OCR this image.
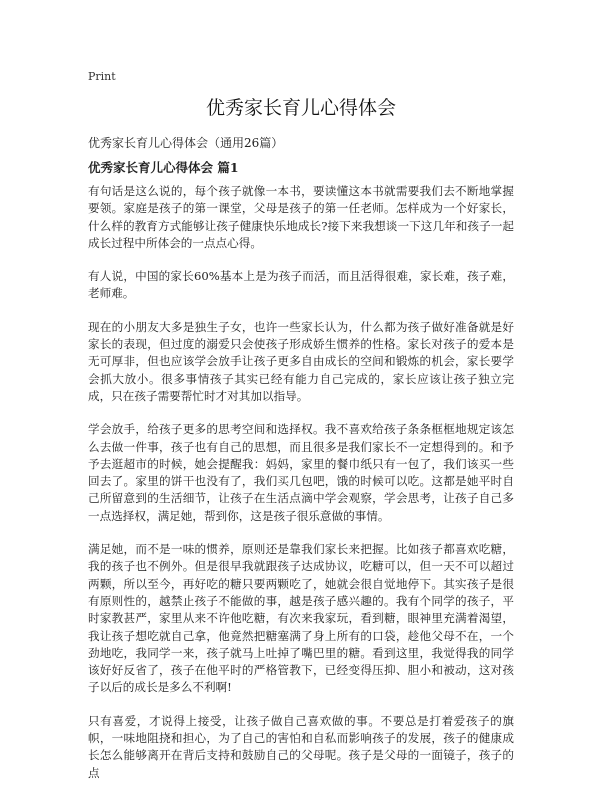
Print
优秀家长育儿心得体会

优秀家长育儿心得体会（通用26篇）

优秀家长育儿心得体会 篇1

有句话是这么说的，每个孩子就像一本书，要读懂这本书就需要我们去不断地掌握要领。家庭是孩子的第一课堂，父母是孩子的第一任老师。怎样成为一个好家长，什么样的教育方式能够让孩子健康快乐地成长?接下来我想谈一下这几年和孩子一起成长过程中所体会的一点点心得。

有人说，中国的家长60%基本上是为孩子而活，而且活得很难，家长难，孩子难，老师难。

现在的小朋友大多是独生子女，也许一些家长认为，什么都为孩子做好准备就是好家长的表现，但过度的溺爱只会使孩子形成娇生惯养的性格。家长对孩子的爱本是无可厚非，但也应该学会放手让孩子更多自由成长的空间和锻炼的机会，家长要学会抓大放小。很多事情孩子其实已经有能力自己完成的，家长应该让孩子独立完成，只在孩子需要帮忙时才对其加以指导。

学会放手，给孩子更多的思考空间和选择权。我不喜欢给孩子条条框框地规定该怎么去做一件事，孩子也有自己的思想，而且很多是我们家长不一定想得到的。和予予去逛超市的时候，她会提醒我：妈妈，家里的餐巾纸只有一包了，我们该买一些回去了。家里的饼干也没有了，我们买几包吧，饿的时候可以吃。这都是她平时自己所留意到的生活细节，让孩子在生活点滴中学会观察，学会思考，让孩子自己多一点选择权，满足她，帮到你，这是孩子很乐意做的事情。

满足她，而不是一味的惯养，原则还是靠我们家长来把握。比如孩子都喜欢吃糖，我的孩子也不例外。但是很早我就跟孩子达成协议，吃糖可以，但一天不可以超过两颗，所以至今，再好吃的糖只要两颗吃了，她就会很自觉地停下。其实孩子是很有原则性的，越禁止孩子不能做的事，越是孩子感兴趣的。我有个同学的孩子，平时家教甚严，家里从来不许他吃糖，有次来我家玩，看到糖，眼神里充满着渴望，我让孩子想吃就自己拿，他竟然把糖塞满了身上所有的口袋，趁他父母不在，一个劲地吃，我同学一来，孩子就马上吐掉了嘴巴里的糖。看到这里，我觉得我的同学该好好反省了，孩子在他平时的严格管教下，已经变得压抑、胆小和被动，这对孩子以后的成长是多么不利啊!

只有喜爱，才说得上接受，让孩子做自己喜欢做的事。不要总是打着爱孩子的旗帜，一味地阻挠和担心，为了自己的害怕和自私而影响孩子的发展，孩子的健康成长怎么能够离开在背后支持和鼓励自己的父母呢。孩子是父母的一面镜子，孩子的点
